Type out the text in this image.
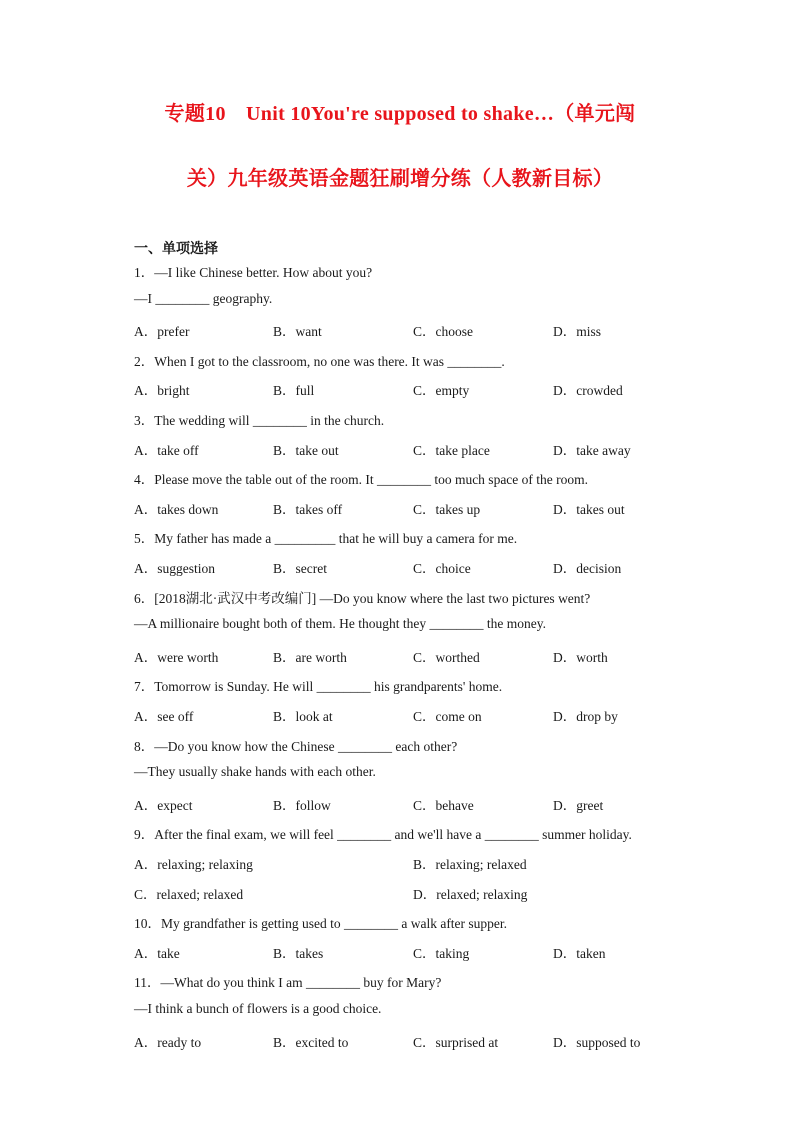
专题10　Unit 10You're supposed to shake…（单元闯
关）九年级英语金题狂刷增分练（人教新目标）
一、单项选择
1．—I like Chinese better. How about you?
—I ________ geography.
A．prefer	B．want	C．choose	D．miss
2．When I got to the classroom, no one was there. It was ________.
A．bright	B．full	C．empty	D．crowded
3．The wedding will ________ in the church.
A．take off	B．take out	C．take place	D．take away
4．Please move the table out of the room. It ________ too much space of the room.
A．takes down	B．takes off	C．takes up	D．takes out
5．My father has made a _________ that he will buy a camera for me.
A．suggestion	B．secret	C．choice	D．decision
6．[2018湖北·武汉中考改编门] —Do you know where the last two pictures went?
—A millionaire bought both of them. He thought they ________ the money.
A．were worth	B．are worth	C．worthed	D．worth
7．Tomorrow is Sunday. He will ________ his grandparents' home.
A．see off	B．look at	C．come on	D．drop by
8．—Do you know how the Chinese ________ each other?
—They usually shake hands with each other.
A．expect	B．follow	C．behave	D．greet
9．After the final exam, we will feel ________ and we'll have a ________ summer holiday.
A．relaxing; relaxing	B．relaxing; relaxed
C．relaxed; relaxed	D．relaxed; relaxing
10．My grandfather is getting used to ________ a walk after supper.
A．take	B．takes	C．taking	D．taken
11．—What do you think I am ________ buy for Mary?
—I think a bunch of flowers is a good choice.
A．ready to	B．excited to	C．surprised at	D．supposed to
